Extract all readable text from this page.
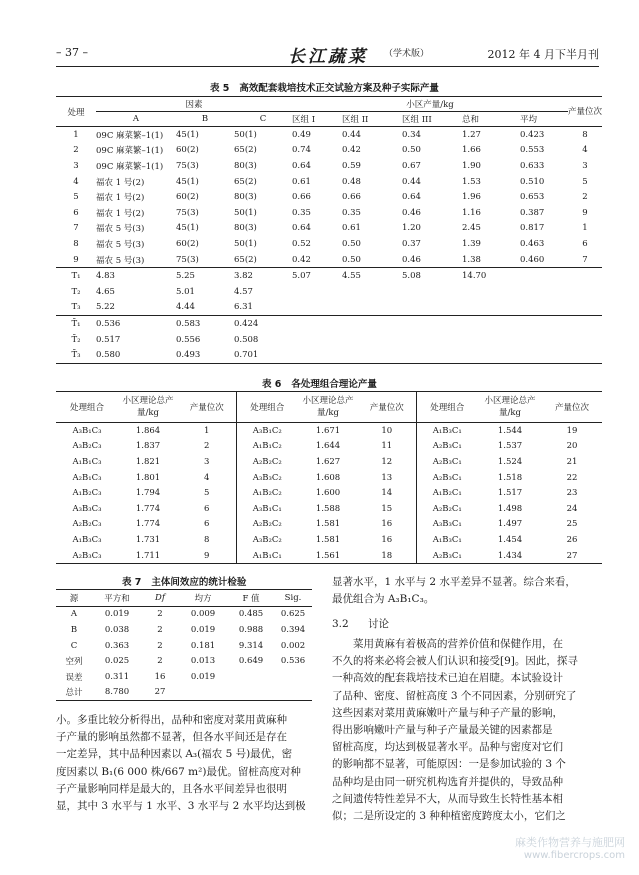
– 37 –	长江蔬菜 （学术版）	2012 年 4 月下半月刊
表 5 高效配套栽培技术正交试验方案及种子实际产量
处理	因素			小区产量/kg					产量位次
	A	B	C	区组 I	区组 II	区组 III	总和	平均	
1	09C 麻菜繁–1(1)	45(1)	50(1)	0.49	0.44	0.34	1.27	0.423	8
2	09C 麻菜繁–1(1)	60(2)	65(2)	0.74	0.42	0.50	1.66	0.553	4
3	09C 麻菜繁–1(1)	75(3)	80(3)	0.64	0.59	0.67	1.90	0.633	3
4	福农 1 号(2)	45(1)	65(2)	0.61	0.48	0.44	1.53	0.510	5
5	福农 1 号(2)	60(2)	80(3)	0.66	0.66	0.64	1.96	0.653	2
6	福农 1 号(2)	75(3)	50(1)	0.35	0.35	0.46	1.16	0.387	9
7	福农 5 号(3)	45(1)	80(3)	0.64	0.61	1.20	2.45	0.817	1
8	福农 5 号(3)	60(2)	50(1)	0.52	0.50	0.37	1.39	0.463	6
9	福农 5 号(3)	75(3)	65(2)	0.42	0.50	0.46	1.38	0.460	7
T₁	4.83	5.25	3.82	5.07	4.55	5.08	14.70		
T₂	4.65	5.01	4.57						
T₃	5.22	4.44	6.31						
T̄₁	0.536	0.583	0.424						
T̄₂	0.517	0.556	0.508						
T̄₃	0.580	0.493	0.701						
表 6 各处理组合理论产量
处理组合	小区理论总产量/kg	产量位次	处理组合	小区理论总产量/kg	产量位次	处理组合	小区理论总产量/kg	产量位次
A₃B₁C₃	1.864	1	A₃B₁C₂	1.671	10	A₁B₃C₁	1.544	19
A₃B₂C₃	1.837	2	A₁B₁C₂	1.644	11	A₂B₃C₁	1.537	20
A₁B₁C₃	1.821	3	A₂B₂C₂	1.627	12	A₂B₃C₁	1.524	21
A₂B₁C₃	1.801	4	A₃B₃C₂	1.608	13	A₂B₃C₁	1.518	22
A₁B₂C₃	1.794	5	A₁B₂C₂	1.600	14	A₁B₂C₁	1.517	23
A₃B₃C₃	1.774	6	A₃B₁C₁	1.588	15	A₂B₂C₁	1.498	24
A₂B₂C₃	1.774	6	A₂B₂C₂	1.581	16	A₃B₃C₁	1.497	25
A₁B₃C₃	1.731	8	A₃B₂C₂	1.581	16	A₁B₃C₁	1.454	26
A₂B₃C₃	1.711	9	A₁B₁C₁	1.561	18	A₂B₃C₁	1.434	27
表 7 主体间效应的统计检验
源	平方和	Df	均方	F 值	Sig.
A	0.019	2	0.009	0.485	0.625
B	0.038	2	0.019	0.988	0.394
C	0.363	2	0.181	9.314	0.002
空列	0.025	2	0.013	0.649	0.536
误差	0.311	16	0.019		
总计	8.780	27			
小。多重比较分析得出，品种和密度对菜用黄麻种
子产量的影响虽然都不显著，但各水平间还是存在
一定差异，其中品种因素以 A₃(福农 5 号)最优，密
度因素以 B₁(6 000 株/667 m²)最优。留桩高度对种
子产量影响同样是最大的，且各水平间差异也很明
显，其中 3 水平与 1 水平、3 水平与 2 水平均达到极
显著水平，1 水平与 2 水平差异不显著。综合来看，
最优组合为 A₃B₁C₃。
3.2 讨论
　　菜用黄麻有着极高的营养价值和保健作用，在
不久的将来必将会被人们认识和接受[9]。因此，探寻
一种高效的配套栽培技术已迫在眉睫。本试验设计
了品种、密度、留桩高度 3 个不同因素，分别研究了
这些因素对菜用黄麻嫩叶产量与种子产量的影响，
得出影响嫩叶产量与种子产量最关键的因素都是
留桩高度，均达到极显著水平。品种与密度对它们
的影响都不显著，可能原因：一是参加试验的 3 个
品种均是由同一研究机构选育并提供的，导致品种
之间遗传特性差异不大，从而导致生长特性基本相
似；二是所设定的 3 种种植密度跨度太小，它们之
麻类作物营养与施肥网
www.fibercrops.com
